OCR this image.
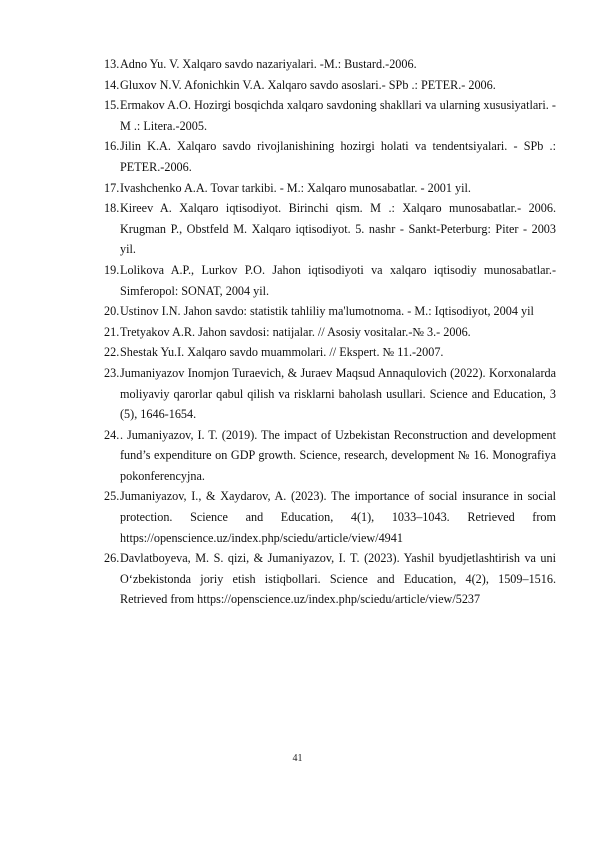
13. Adno Yu. V. Xalqaro savdo nazariyalari. -M.: Bustard.-2006.
14. Gluxov N.V. Afonichkin V.A. Xalqaro savdo asoslari.- SPb .: PETER.- 2006.
15. Ermakov A.O. Hozirgi bosqichda xalqaro savdoning shakllari va ularning xususiyatlari. -M .: Litera.-2005.
16. Jilin K.A. Xalqaro savdo rivojlanishining hozirgi holati va tendentsiyalari. - SPb .: PETER.-2006.
17. Ivashchenko A.A. Tovar tarkibi. - M.: Xalqaro munosabatlar. - 2001 yil.
18. Kireev A. Xalqaro iqtisodiyot. Birinchi qism. M .: Xalqaro munosabatlar.- 2006. Krugman P., Obstfeld M. Xalqaro iqtisodiyot. 5. nashr - Sankt-Peterburg: Piter - 2003 yil.
19. Lolikova A.P., Lurkov P.O. Jahon iqtisodiyoti va xalqaro iqtisodiy munosabatlar.- Simferopol: SONAT, 2004 yil.
20. Ustinov I.N. Jahon savdo: statistik tahliliy ma'lumotnoma. - M.: Iqtisodiyot, 2004 yil
21. Tretyakov A.R. Jahon savdosi: natijalar. // Asosiy vositalar.-№ 3.- 2006.
22. Shestak Yu.I. Xalqaro savdo muammolari. // Ekspert. № 11.-2007.
23. Jumaniyazov Inomjon Turaevich, & Juraev Maqsud Annaqulovich (2022). Korxonalarda moliyaviy qarorlar qabul qilish va risklarni baholash usullari. Science and Education, 3 (5), 1646-1654.
24. . Jumaniyazov, I. T. (2019). The impact of Uzbekistan Reconstruction and development fund’s expenditure on GDP growth. Science, research, development № 16. Monografiya pokonferencyjna.
25. Jumaniyazov, I., & Xaydarov, A. (2023). The importance of social insurance in social protection. Science and Education, 4(1), 1033–1043. Retrieved from https://openscience.uz/index.php/sciedu/article/view/4941
26. Davlatboyeva, M. S. qizi, & Jumaniyazov, I. T. (2023). Yashil byudjetlashtirish va uni O‘zbekistonda joriy etish istiqbollari. Science and Education, 4(2), 1509–1516. Retrieved from https://openscience.uz/index.php/sciedu/article/view/5237
41
